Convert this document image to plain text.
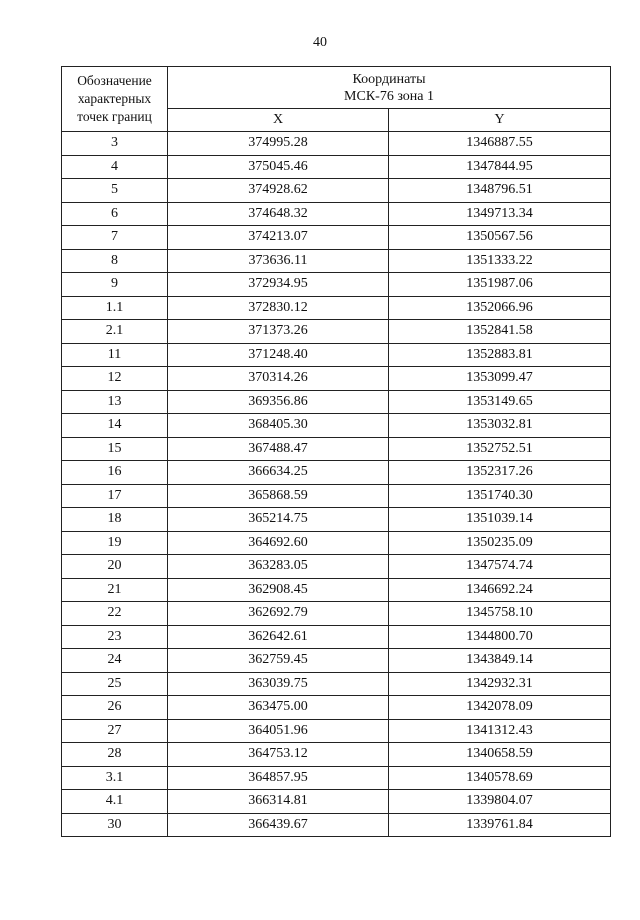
40
Обозначение
характерных
точек границ	Координаты
МСК-76 зона 1	

	X	Y
3	374995.28	1346887.55
4	375045.46	1347844.95
5	374928.62	1348796.51
6	374648.32	1349713.34
7	374213.07	1350567.56
8	373636.11	1351333.22
9	372934.95	1351987.06
1.1	372830.12	1352066.96
2.1	371373.26	1352841.58
11	371248.40	1352883.81
12	370314.26	1353099.47
13	369356.86	1353149.65
14	368405.30	1353032.81
15	367488.47	1352752.51
16	366634.25	1352317.26
17	365868.59	1351740.30
18	365214.75	1351039.14
19	364692.60	1350235.09
20	363283.05	1347574.74
21	362908.45	1346692.24
22	362692.79	1345758.10
23	362642.61	1344800.70
24	362759.45	1343849.14
25	363039.75	1342932.31
26	363475.00	1342078.09
27	364051.96	1341312.43
28	364753.12	1340658.59
3.1	364857.95	1340578.69
4.1	366314.81	1339804.07
30	366439.67	1339761.84
